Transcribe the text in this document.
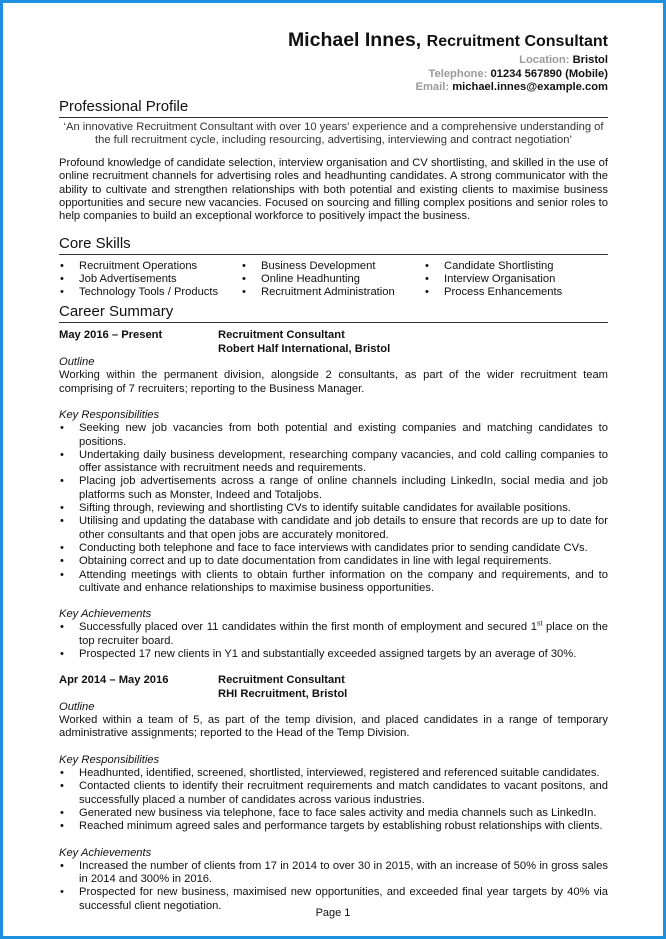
Michael Innes, Recruitment Consultant
Location: Bristol
Telephone: 01234 567890 (Mobile)
Email: michael.innes@example.com
Professional Profile
‘An innovative Recruitment Consultant with over 10 years’ experience and a comprehensive understanding of the full recruitment cycle, including resourcing, advertising, interviewing and contract negotiation’
Profound knowledge of candidate selection, interview organisation and CV shortlisting, and skilled in the use of online recruitment channels for advertising roles and headhunting candidates. A strong communicator with the ability to cultivate and strengthen relationships with both potential and existing clients to maximise business opportunities and secure new vacancies. Focused on sourcing and filling complex positions and senior roles to help companies to build an exceptional workforce to positively impact the business.
Core Skills
• Recruitment Operations
• Job Advertisements
• Technology Tools / Products
• Business Development
• Online Headhunting
• Recruitment Administration
• Candidate Shortlisting
• Interview Organisation
• Process Enhancements
Career Summary
May 2016 – Present	Recruitment Consultant
Robert Half International, Bristol
Outline
Working within the permanent division, alongside 2 consultants, as part of the wider recruitment team comprising of 7 recruiters; reporting to the Business Manager.
Key Responsibilities
• Seeking new job vacancies from both potential and existing companies and matching candidates to positions.
• Undertaking daily business development, researching company vacancies, and cold calling companies to offer assistance with recruitment needs and requirements.
• Placing job advertisements across a range of online channels including LinkedIn, social media and job platforms such as Monster, Indeed and Totaljobs.
• Sifting through, reviewing and shortlisting CVs to identify suitable candidates for available positions.
• Utilising and updating the database with candidate and job details to ensure that records are up to date for other consultants and that open jobs are accurately monitored.
• Conducting both telephone and face to face interviews with candidates prior to sending candidate CVs.
• Obtaining correct and up to date documentation from candidates in line with legal requirements.
• Attending meetings with clients to obtain further information on the company and requirements, and to cultivate and enhance relationships to maximise business opportunities.
Key Achievements
• Successfully placed over 11 candidates within the first month of employment and secured 1st place on the top recruiter board.
• Prospected 17 new clients in Y1 and substantially exceeded assigned targets by an average of 30%.
Apr 2014 – May 2016	Recruitment Consultant
RHI Recruitment, Bristol
Outline
Worked within a team of 5, as part of the temp division, and placed candidates in a range of temporary administrative assignments; reported to the Head of the Temp Division.
Key Responsibilities
• Headhunted, identified, screened, shortlisted, interviewed, registered and referenced suitable candidates.
• Contacted clients to identify their recruitment requirements and match candidates to vacant positons, and successfully placed a number of candidates across various industries.
• Generated new business via telephone, face to face sales activity and media channels such as LinkedIn.
• Reached minimum agreed sales and performance targets by establishing robust relationships with clients.
Key Achievements
• Increased the number of clients from 17 in 2014 to over 30 in 2015, with an increase of 50% in gross sales in 2014 and 300% in 2016.
• Prospected for new business, maximised new opportunities, and exceeded final year targets by 40% via successful client negotiation.
Page 1
